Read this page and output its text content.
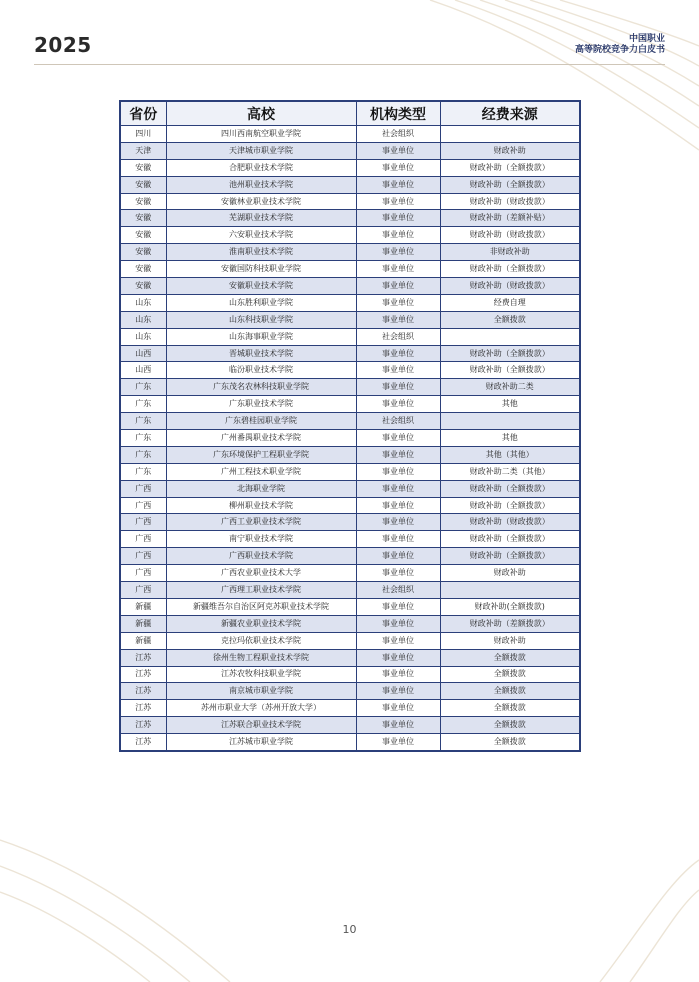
2025	中国职业
高等院校竞争力白皮书
省份	高校	机构类型	经费来源
四川	四川西南航空职业学院	社会组织	
天津	天津城市职业学院	事业单位	财政补助
安徽	合肥职业技术学院	事业单位	财政补助（全额拨款）
安徽	池州职业技术学院	事业单位	财政补助（全额拨款）
安徽	安徽林业职业技术学院	事业单位	财政补助（财政拨款）
安徽	芜湖职业技术学院	事业单位	财政补助（差额补贴）
安徽	六安职业技术学院	事业单位	财政补助（财政拨款）
安徽	淮南职业技术学院	事业单位	非财政补助
安徽	安徽国防科技职业学院	事业单位	财政补助（全额拨款）
安徽	安徽职业技术学院	事业单位	财政补助（财政拨款）
山东	山东胜利职业学院	事业单位	经费自理
山东	山东科技职业学院	事业单位	全额拨款
山东	山东海事职业学院	社会组织	
山西	晋城职业技术学院	事业单位	财政补助（全额拨款）
山西	临汾职业技术学院	事业单位	财政补助（全额拨款）
广东	广东茂名农林科技职业学院	事业单位	财政补助二类
广东	广东职业技术学院	事业单位	其他
广东	广东碧桂园职业学院	社会组织	
广东	广州番禺职业技术学院	事业单位	其他
广东	广东环境保护工程职业学院	事业单位	其他（其他）
广东	广州工程技术职业学院	事业单位	财政补助二类（其他）
广西	北海职业学院	事业单位	财政补助（全额拨款）
广西	柳州职业技术学院	事业单位	财政补助（全额拨款）
广西	广西工业职业技术学院	事业单位	财政补助（财政拨款）
广西	南宁职业技术学院	事业单位	财政补助（全额拨款）
广西	广西职业技术学院	事业单位	财政补助（全额拨款）
广西	广西农业职业技术大学	事业单位	财政补助
广西	广西理工职业技术学院	社会组织	
新疆	新疆维吾尔自治区阿克苏职业技术学院	事业单位	财政补助(全额拨款)
新疆	新疆农业职业技术学院	事业单位	财政补助（差额拨款）
新疆	克拉玛依职业技术学院	事业单位	财政补助
江苏	徐州生物工程职业技术学院	事业单位	全额拨款
江苏	江苏农牧科技职业学院	事业单位	全额拨款
江苏	南京城市职业学院	事业单位	全额拨款
江苏	苏州市职业大学（苏州开放大学）	事业单位	全额拨款
江苏	江苏联合职业技术学院	事业单位	全额拨款
江苏	江苏城市职业学院	事业单位	全额拨款
10
